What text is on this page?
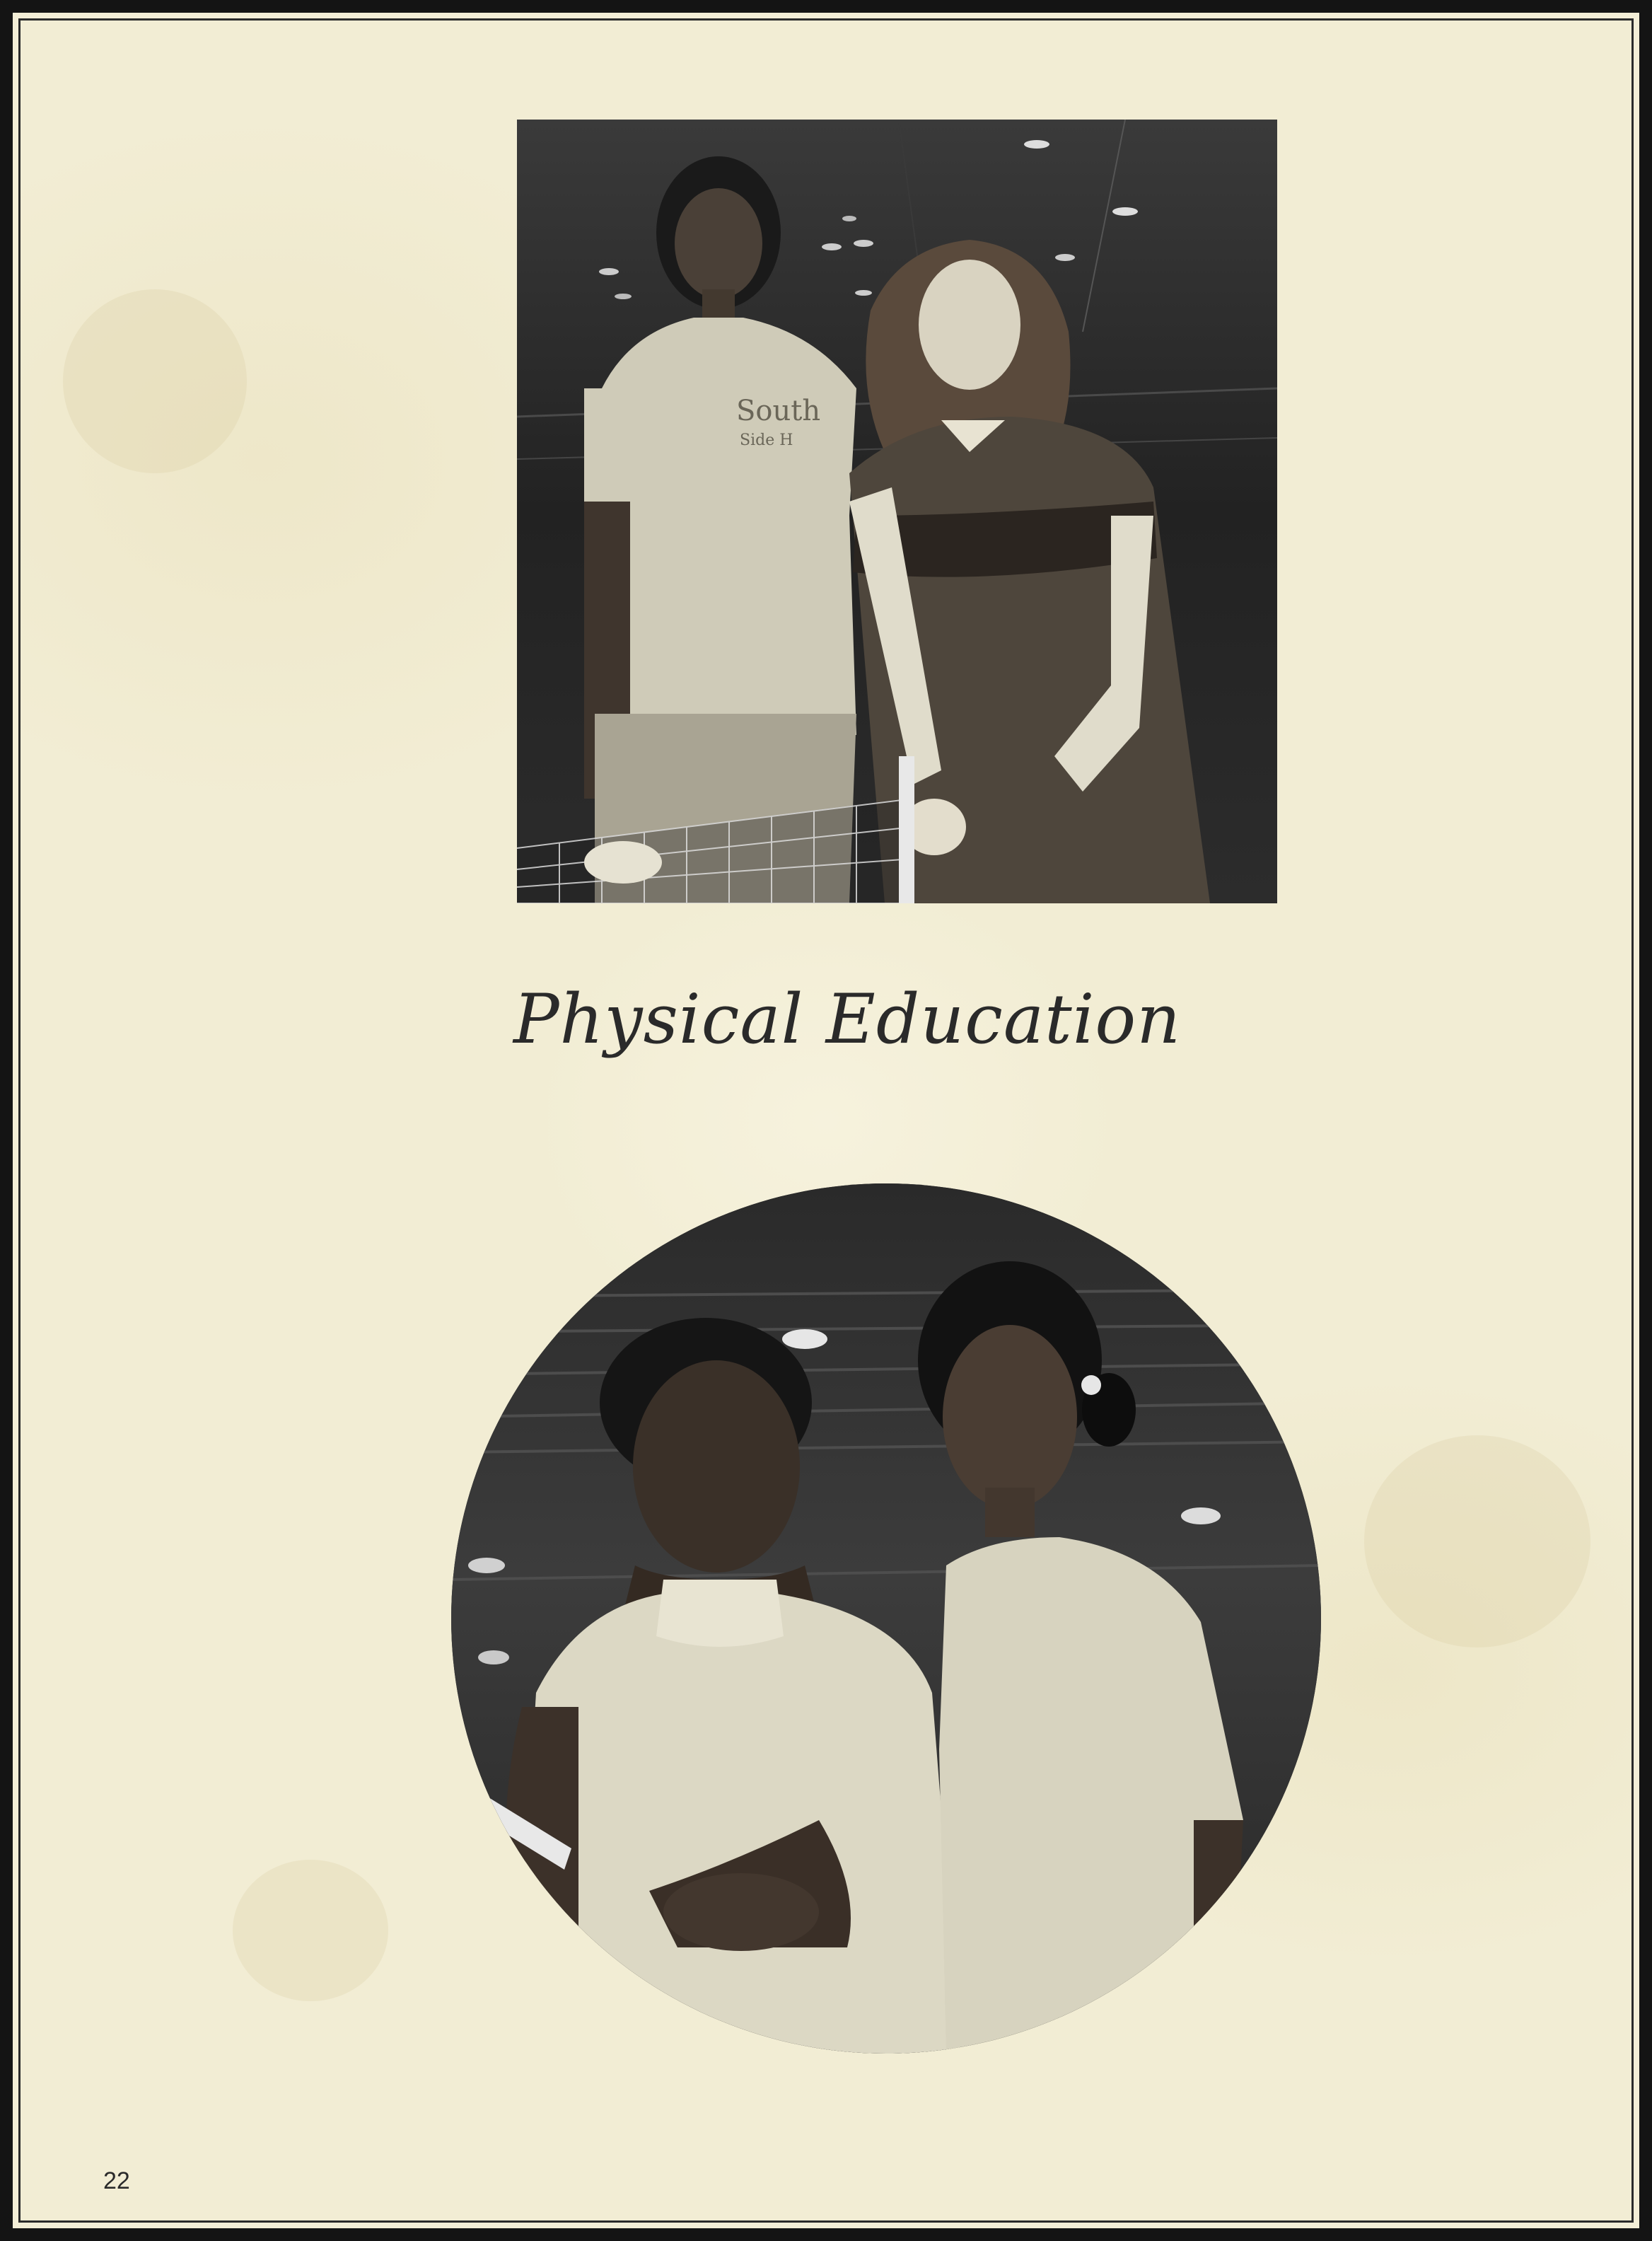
South
Side H
Physical Education
22
